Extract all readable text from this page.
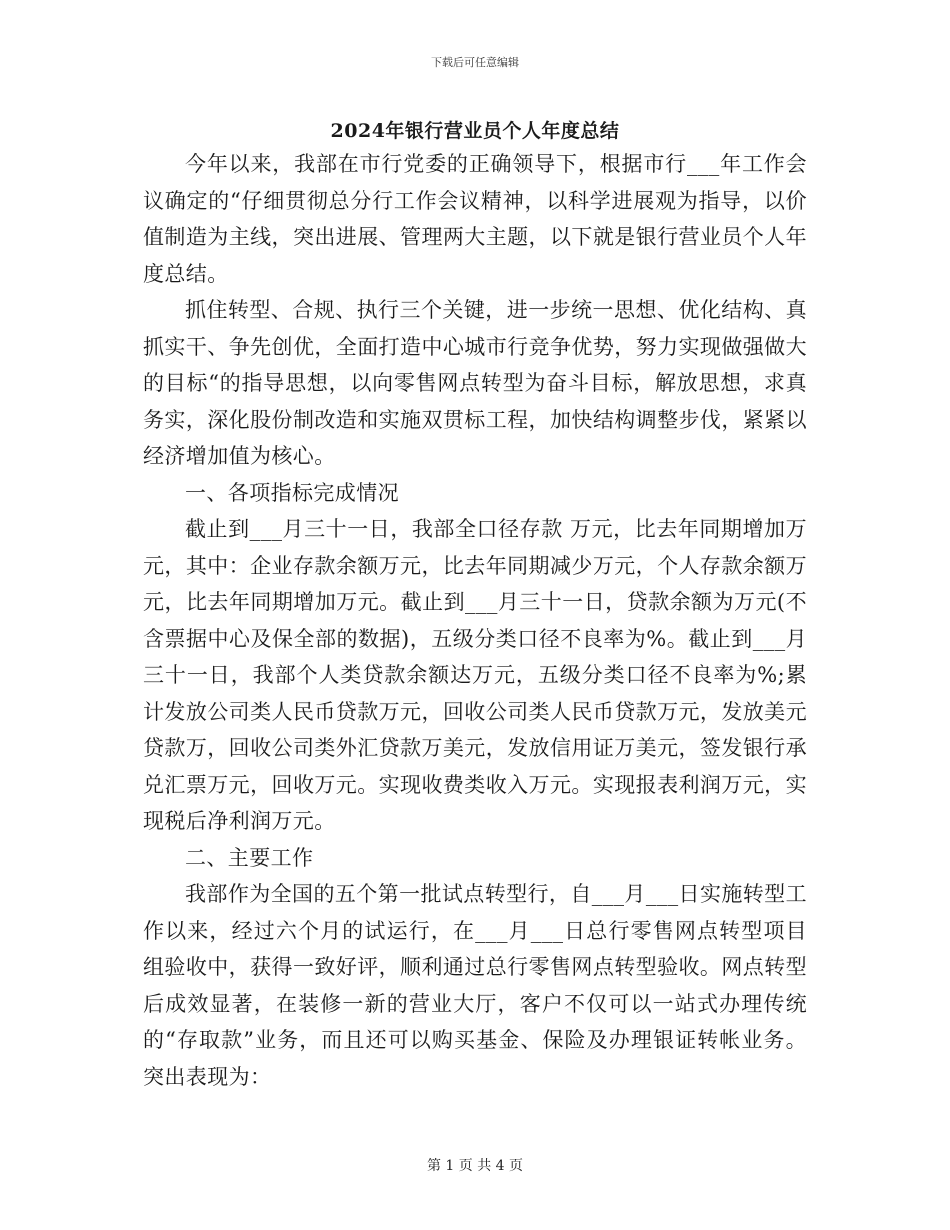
下载后可任意编辑
2024年银行营业员个人年度总结

今年以来，我部在市行党委的正确领导下，根据市行___年工作会议确定的“仔细贯彻总分行工作会议精神，以科学进展观为指导，以价值制造为主线，突出进展、管理两大主题，以下就是银行营业员个人年度总结。

抓住转型、合规、执行三个关键，进一步统一思想、优化结构、真抓实干、争先创优，全面打造中心城市行竞争优势，努力实现做强做大的目标“的指导思想，以向零售网点转型为奋斗目标，解放思想，求真务实，深化股份制改造和实施双贯标工程，加快结构调整步伐，紧紧以经济增加值为核心。

一、各项指标完成情况

截止到___月三十一日，我部全口径存款 万元，比去年同期增加万元，其中：企业存款余额万元，比去年同期减少万元，个人存款余额万元，比去年同期增加万元。截止到___月三十一日，贷款余额为万元(不含票据中心及保全部的数据)，五级分类口径不良率为%。截止到___月三十一日，我部个人类贷款余额达万元，五级分类口径不良率为%;累计发放公司类人民币贷款万元，回收公司类人民币贷款万元，发放美元贷款万，回收公司类外汇贷款万美元，发放信用证万美元，签发银行承兑汇票万元，回收万元。实现收费类收入万元。实现报表利润万元，实现税后净利润万元。

二、主要工作

我部作为全国的五个第一批试点转型行，自___月___日实施转型工作以来，经过六个月的试运行，在___月___日总行零售网点转型项目组验收中，获得一致好评，顺利通过总行零售网点转型验收。网点转型后成效显著，在装修一新的营业大厅，客户不仅可以一站式办理传统的“存取款”业务，而且还可以购买基金、保险及办理银证转帐业务。突出表现为：

第 1 页 共 4 页
